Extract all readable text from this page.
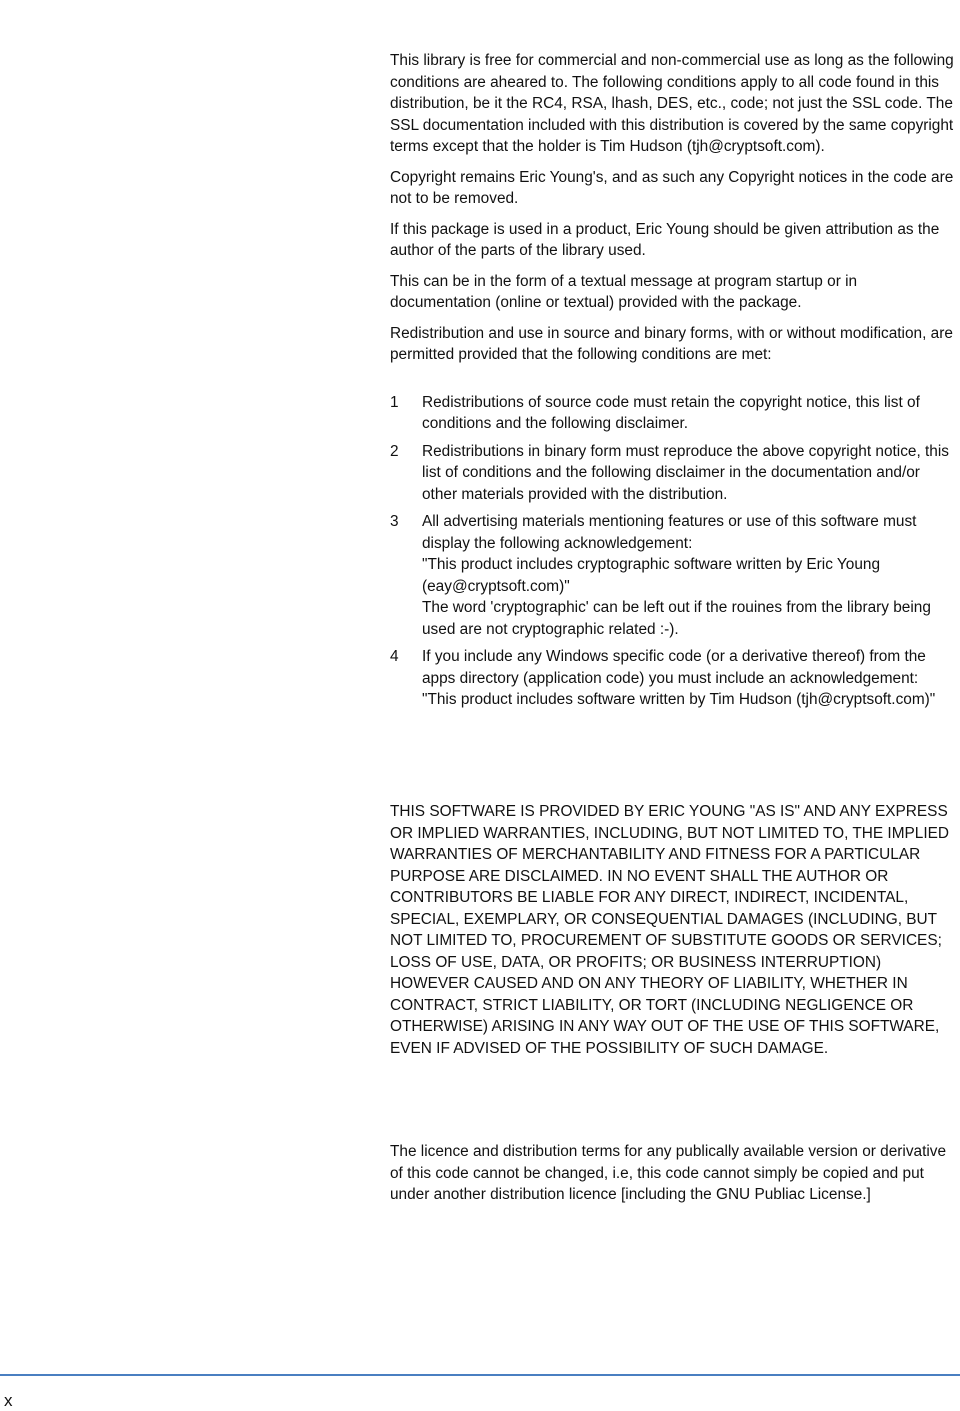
This library is free for commercial and non-commercial use as long as the following conditions are aheared to. The following conditions apply to all code found in this distribution, be it the RC4, RSA, lhash, DES, etc., code; not just the SSL code. The SSL documentation included with this distribution is covered by the same copyright terms except that the holder is Tim Hudson (tjh@cryptsoft.com).

Copyright remains Eric Young's, and as such any Copyright notices in the code are not to be removed.

If this package is used in a product, Eric Young should be given attribution as the author of the parts of the library used.

This can be in the form of a textual message at program startup or in documentation (online or textual) provided with the package.

Redistribution and use in source and binary forms, with or without modification, are permitted provided that the following conditions are met:

1	Redistributions of source code must retain the copyright notice, this list of conditions and the following disclaimer.
2	Redistributions in binary form must reproduce the above copyright notice, this list of conditions and the following disclaimer in the documentation and/or other materials provided with the distribution.
3	All advertising materials mentioning features or use of this software must display the following acknowledgement:
"This product includes cryptographic software written by Eric Young (eay@cryptsoft.com)"
The word 'cryptographic' can be left out if the rouines from the library being used are not cryptographic related :-).
4	If you include any Windows specific code (or a derivative thereof) from the apps directory (application code) you must include an acknowledgement:
"This product includes software written by Tim Hudson (tjh@cryptsoft.com)"

THIS SOFTWARE IS PROVIDED BY ERIC YOUNG "AS IS" AND ANY EXPRESS OR IMPLIED WARRANTIES, INCLUDING, BUT NOT LIMITED TO, THE IMPLIED WARRANTIES OF MERCHANTABILITY AND FITNESS FOR A PARTICULAR PURPOSE ARE DISCLAIMED. IN NO EVENT SHALL THE AUTHOR OR CONTRIBUTORS BE LIABLE FOR ANY DIRECT, INDIRECT, INCIDENTAL, SPECIAL, EXEMPLARY, OR CONSEQUENTIAL DAMAGES (INCLUDING, BUT NOT LIMITED TO, PROCUREMENT OF SUBSTITUTE GOODS OR SERVICES; LOSS OF USE, DATA, OR PROFITS; OR BUSINESS INTERRUPTION) HOWEVER CAUSED AND ON ANY THEORY OF LIABILITY, WHETHER IN CONTRACT, STRICT LIABILITY, OR TORT (INCLUDING NEGLIGENCE OR OTHERWISE) ARISING IN ANY WAY OUT OF THE USE OF THIS SOFTWARE, EVEN IF ADVISED OF THE POSSIBILITY OF SUCH DAMAGE.

The licence and distribution terms for any publically available version or derivative of this code cannot be changed, i.e, this code cannot simply be copied and put under another distribution licence [including the GNU Publiac License.]

x
